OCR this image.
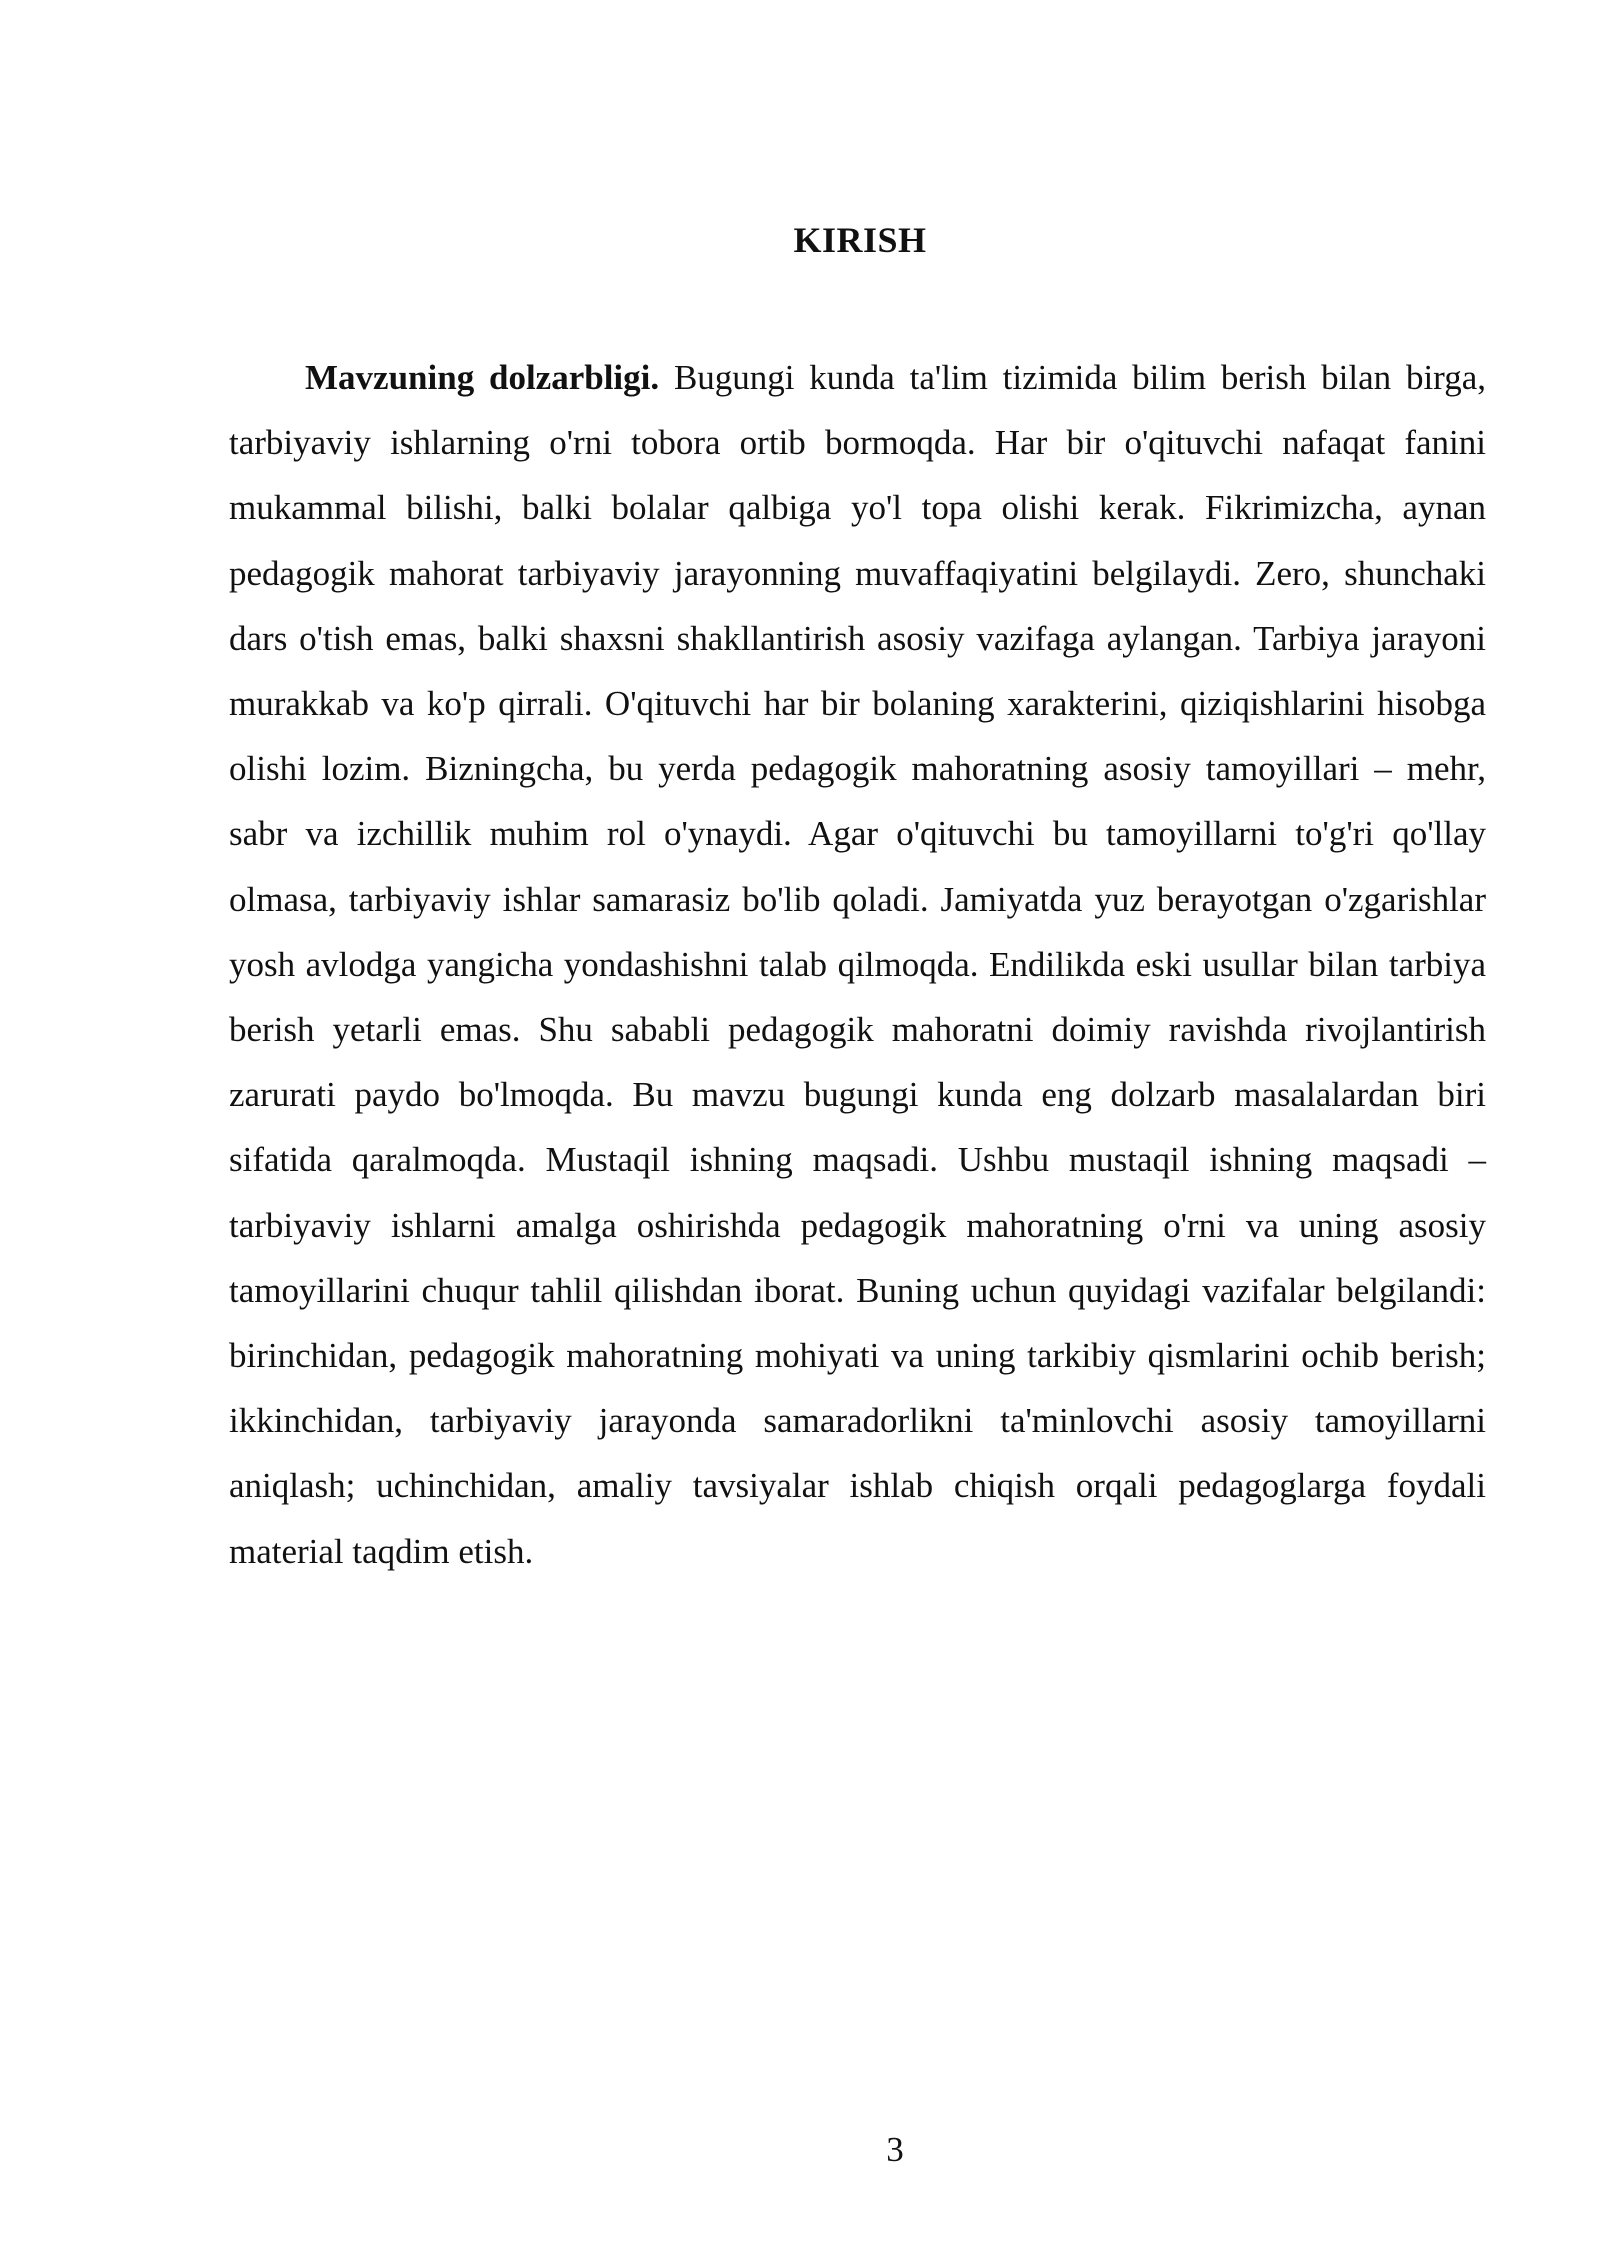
KIRISH

Mavzuning dolzarbligi. Bugungi kunda ta'lim tizimida bilim berish bilan birga, tarbiyaviy ishlarning o'rni tobora ortib bormoqda. Har bir o'qituvchi nafaqat fanini mukammal bilishi, balki bolalar qalbiga yo'l topa olishi kerak. Fikrimizcha, aynan pedagogik mahorat tarbiyaviy jarayonning muvaffaqiyatini belgilaydi. Zero, shunchaki dars o'tish emas, balki shaxsni shakllantirish asosiy vazifaga aylangan. Tarbiya jarayoni murakkab va ko'p qirrali. O'qituvchi har bir bolaning xarakterini, qiziqishlarini hisobga olishi lozim. Bizningcha, bu yerda pedagogik mahoratning asosiy tamoyillari – mehr, sabr va izchillik muhim rol o'ynaydi. Agar o'qituvchi bu tamoyillarni to'g'ri qo'llay olmasa, tarbiyaviy ishlar samarasiz bo'lib qoladi. Jamiyatda yuz berayotgan o'zgarishlar yosh avlodga yangicha yondashishni talab qilmoqda. Endilikda eski usullar bilan tarbiya berish yetarli emas. Shu sababli pedagogik mahoratni doimiy ravishda rivojlantirish zarurati paydo bo'lmoqda. Bu mavzu bugungi kunda eng dolzarb masalalardan biri sifatida qaralmoqda. Mustaqil ishning maqsadi. Ushbu mustaqil ishning maqsadi – tarbiyaviy ishlarni amalga oshirishda pedagogik mahoratning o'rni va uning asosiy tamoyillarini chuqur tahlil qilishdan iborat. Buning uchun quyidagi vazifalar belgilandi: birinchidan, pedagogik mahoratning mohiyati va uning tarkibiy qismlarini ochib berish; ikkinchidan, tarbiyaviy jarayonda samaradorlikni ta'minlovchi asosiy tamoyillarni aniqlash; uchinchidan, amaliy tavsiyalar ishlab chiqish orqali pedagoglarga foydali material taqdim etish.

3
